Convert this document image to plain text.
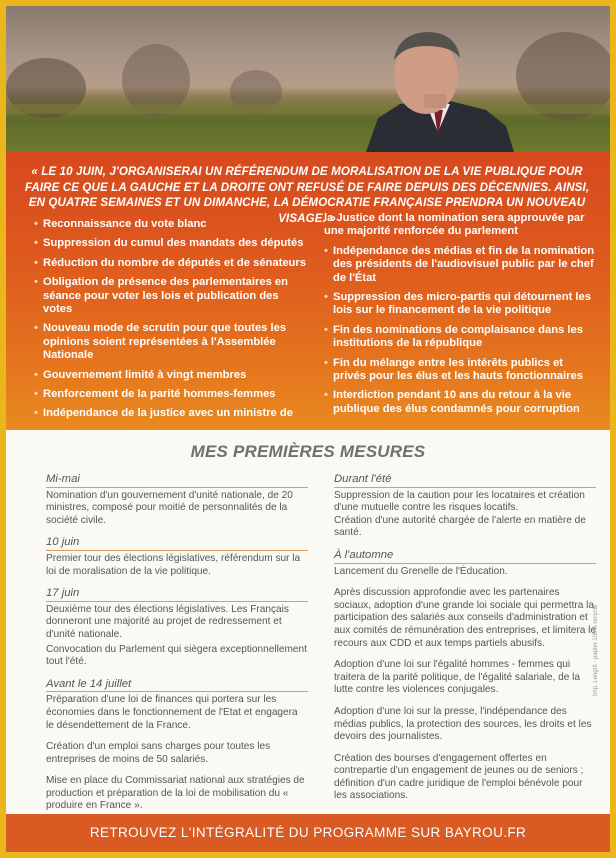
« LE 10 JUIN, J'ORGANISERAI UN RÉFÉRENDUM DE MORALISATION DE LA VIE PUBLIQUE POUR FAIRE CE QUE LA GAUCHE ET LA DROITE ONT REFUSÉ DE FAIRE DEPUIS DES DÉCENNIES. AINSI, EN QUATRE SEMAINES ET UN DIMANCHE, LA DÉMOCRATIE FRANÇAISE PRENDRA UN NOUVEAU VISAGE. »
• Reconnaissance du vote blanc
• Suppression du cumul des mandats des députés
• Réduction du nombre de députés et de sénateurs
• Obligation de présence des parlementaires en séance pour voter les lois et publication des votes
• Nouveau mode de scrutin pour que toutes les opinions soient représentées à l'Assemblée Nationale
• Gouvernement limité à vingt membres
• Renforcement de la parité hommes-femmes
• Indépendance de la justice avec un ministre de
la Justice dont la nomination sera approuvée par une majorité renforcée du parlement
• Indépendance des médias et fin de la nomination des présidents de l'audiovisuel public par le chef de l'État
• Suppression des micro-partis qui détournent les lois sur le financement de la vie politique
• Fin des nominations de complaisance dans les institutions de la république
• Fin du mélange entre les intérêts publics et privés pour les élus et les hauts fonctionnaires
• Interdiction pendant 10 ans du retour à la vie publique des élus condamnés pour corruption
MES PREMIÈRES MESURES
Mi-mai
Nomination d'un gouvernement d'unité nationale, de 20 ministres, composé pour moitié de personnalités de la société civile.
10 juin
Premier tour des élections législatives, référendum sur la loi de moralisation de la vie politique.
17 juin
Deuxième tour des élections législatives. Les Français donneront une majorité au projet de redressement et d'unité nationale.
Convocation du Parlement qui siègera exceptionnellement tout l'été.
Avant le 14 juillet
Préparation d'une loi de finances qui portera sur les économies dans le fonctionnement de l'Etat et engagera le désendettement de la France.
Création d'un emploi sans charges pour toutes les entreprises de moins de 50 salariés.
Mise en place du Commissariat national aux stratégies de production et préparation de la loi de mobilisation du « produire en France ».
Durant l'été
Suppression de la caution pour les locataires et création d'une mutuelle contre les risques locatifs.
Création d'une autorité chargée de l'alerte en matière de santé.
À l'automne
Lancement du Grenelle de l'Éducation.
Après discussion approfondie avec les partenaires sociaux, adoption d'une grande loi sociale qui permettra la participation des salariés aux conseils d'administration et aux comités de rémunération des entreprises, et limitera le recours aux CDD et aux temps partiels abusifs.
Adoption d'une loi sur l'égalité hommes - femmes qui traitera de la parité politique, de l'égalité salariale, de la lutte contre les violences conjugales.
Adoption d'une loi sur la presse, l'indépendance des médias publics, la protection des sources, les droits et les devoirs des journalistes.
Création des bourses d'engagement offertes en contrepartie d'un engagement de jeunes ou de seniors ; définition d'un cadre juridique de l'emploi bénévole pour les associations.
Imp. Lengrit - papier 100% recyclé
RETROUVEZ L'INTÉGRALITÉ DU PROGRAMME SUR BAYROU.FR
